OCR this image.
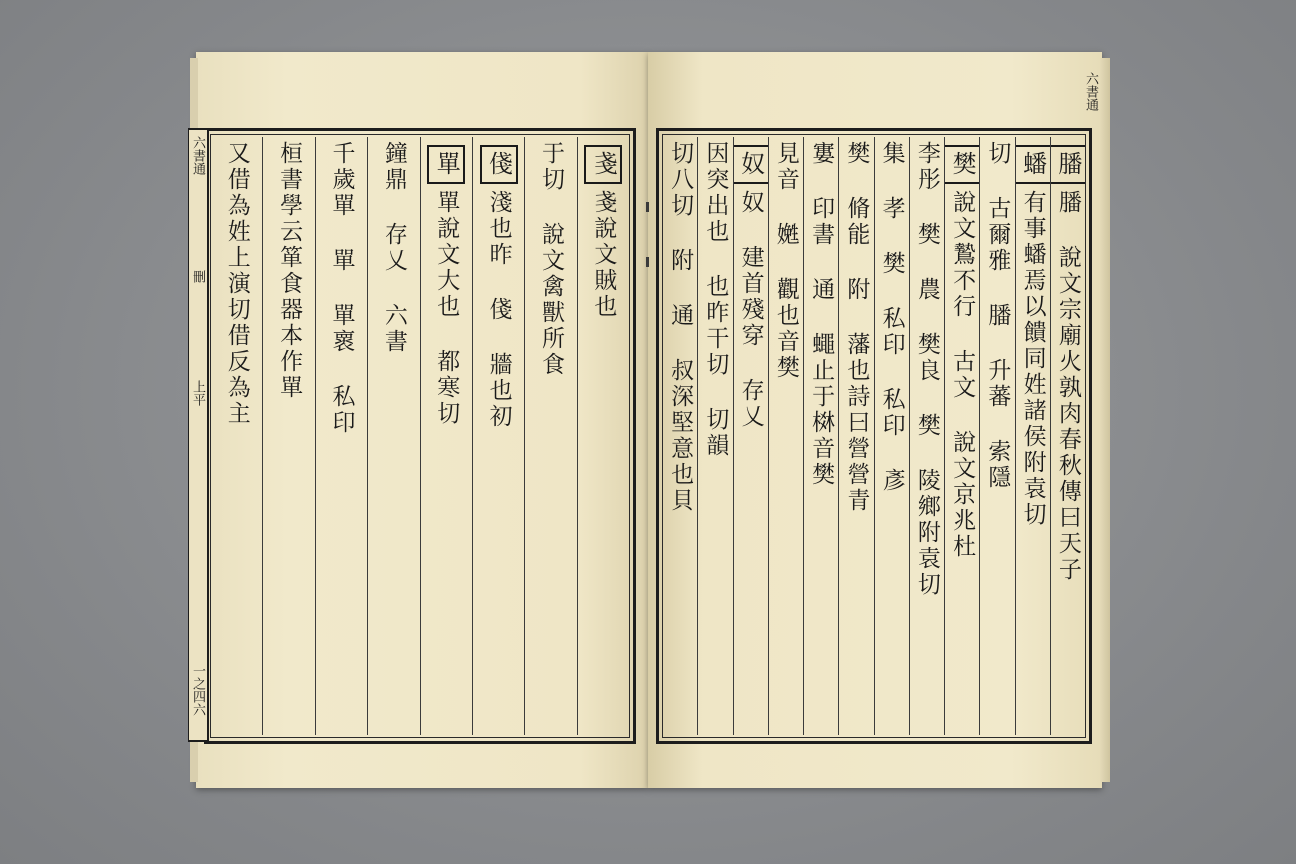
戔
戔說文賊也
于切 說文禽獸所食
俴
淺也昨 俴 牆也初
單
單說文大也 都寒切
鐘鼎 存乂 六書
千歲單 單 單褱 私印
桓書學云箪食器本作單
又借為姓上演切借反為主	膰
膰 說文宗廟火孰肉春秋傳曰天子
蟠
有事蟠焉以饋同姓諸侯附袁切
切 古爾雅 膰 升蕃 索隱
樊
說文鷙不行 古文 說文京兆杜
李彤 樊 農 樊良 樊 陵鄉附袁切
集 孝 樊 私印 私印 彥
樊 脩能 附 藩也詩曰營營青
寠 印書 通 蠅止于棥音樊
見音 嬎 觀也音樊
奴
奴 建首殘穿 存乂
因突出也 也昨干切 切韻
切八切 附 通 叔深堅意也貝
六書通
刪
上平
一之四六
六書通
